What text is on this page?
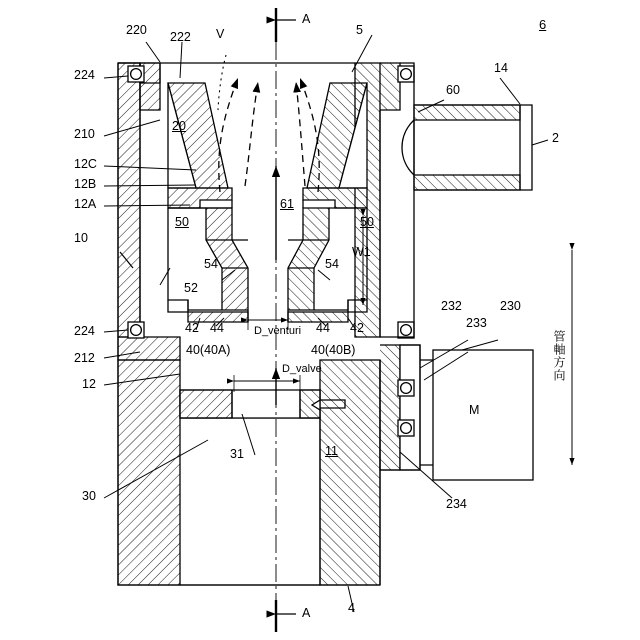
6
A
A
220 222 V	5
224
210
20
12C
12B
12A
60
14
2
50
61
50
10
54	54
52
224
212
12
42 44	44 42
40(40A)	40(40B)
232	230
233
M
30
31	11
234
4
D_venturi
D_valve
W1
管軸方向
